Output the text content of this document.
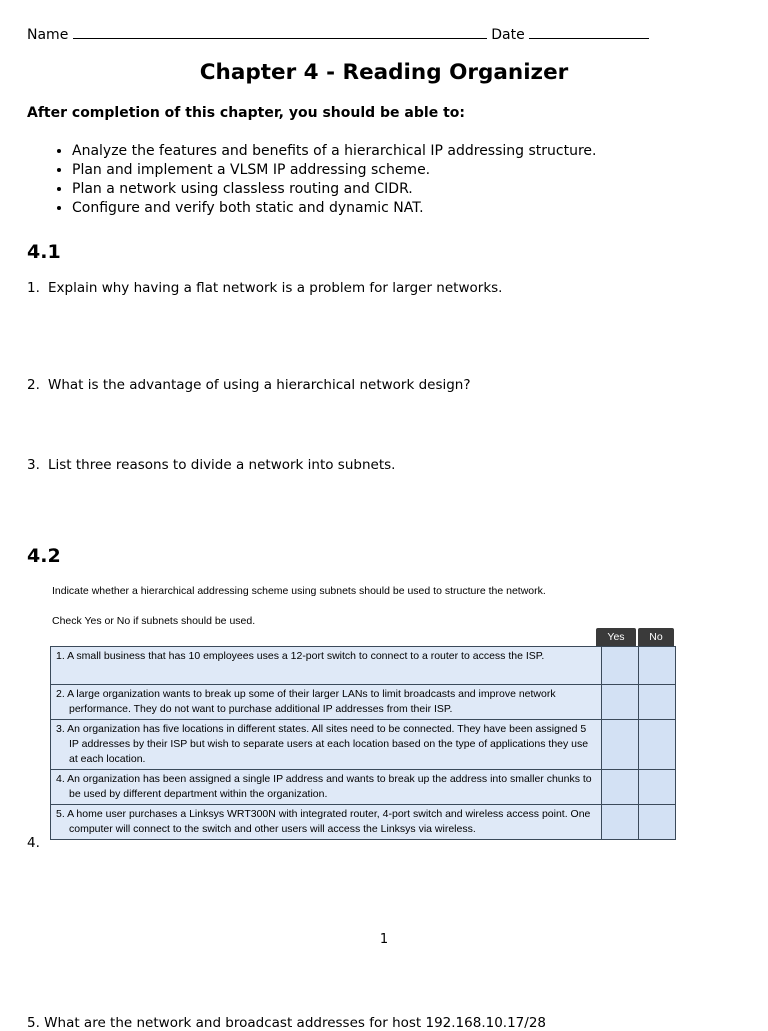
Name	Date
Chapter 4 - Reading Organizer
After completion of this chapter, you should be able to:
• Analyze the features and benefits of a hierarchical IP addressing structure.
• Plan and implement a VLSM IP addressing scheme.
• Plan a network using classless routing and CIDR.
• Configure and verify both static and dynamic NAT.
4.1
1. Explain why having a flat network is a problem for larger networks.
2. What is the advantage of using a hierarchical network design?
3. List three reasons to divide a network into subnets.
4.2
Indicate whether a hierarchical addressing scheme using subnets should be used to structure the network.
Check Yes or No if subnets should be used.
Yes	No
1. A small business that has 10 employees uses a 12-port switch to connect to a router to access the ISP.		

2. A large organization wants to break up some of their larger LANs to limit broadcasts and improve network performance. They do not want to purchase additional IP addresses from their ISP.		

3. An organization has five locations in different states. All sites need to be connected. They have been assigned 5 IP addresses by their ISP but wish to separate users at each location based on the type of applications they use at each location.		

4. An organization has been assigned a single IP address and wants to break up the address into smaller chunks to be used by different department within the organization.		

5. A home user purchases a Linksys WRT300N with integrated router, 4-port switch and wireless access point. One computer will connect to the switch and other users will access the Linksys via wireless.		

4.
1
5. What are the network and broadcast addresses for host 192.168.10.17/28
